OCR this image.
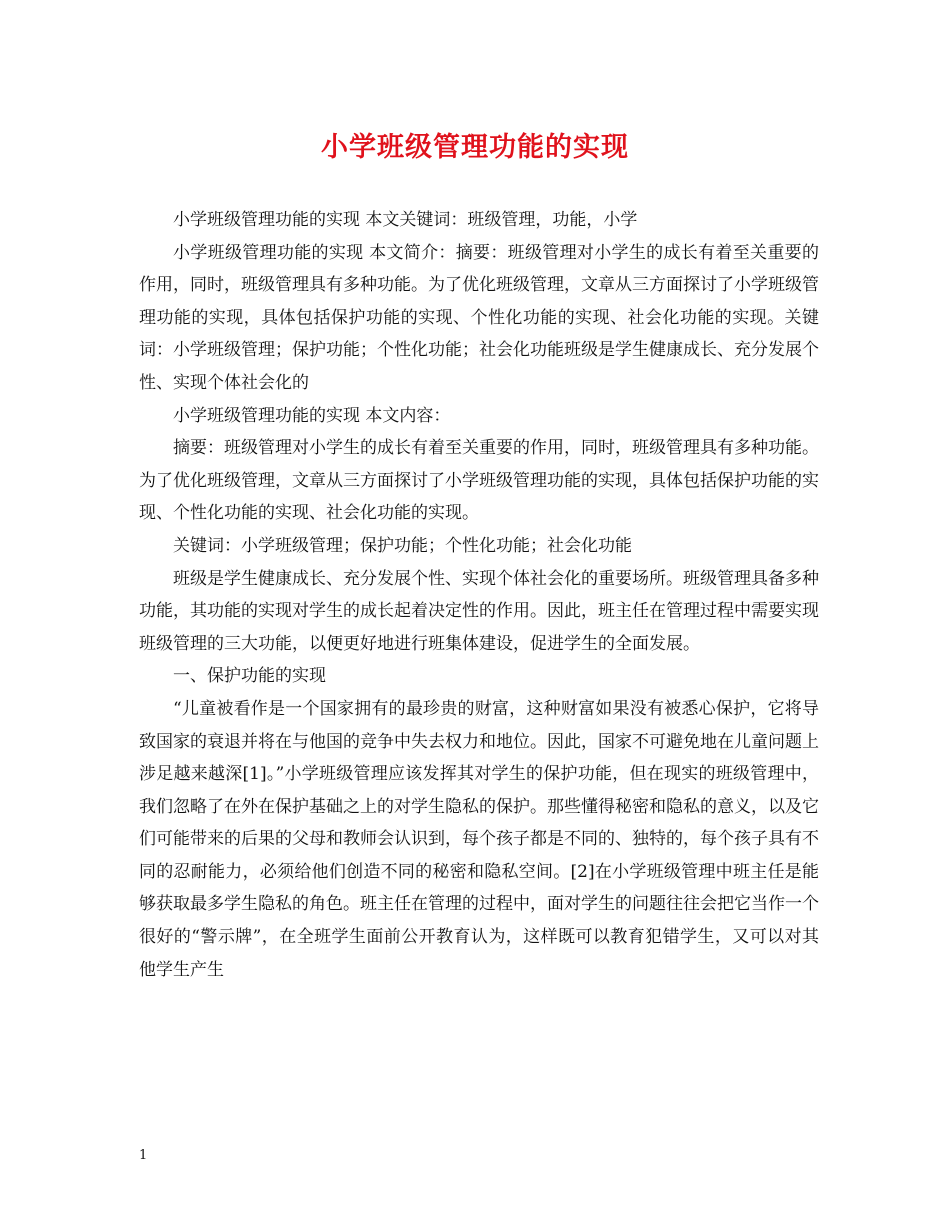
小学班级管理功能的实现

小学班级管理功能的实现 本文关键词：班级管理，功能，小学

小学班级管理功能的实现 本文简介：摘要：班级管理对小学生的成长有着至关重要的作用，同时，班级管理具有多种功能。为了优化班级管理，文章从三方面探讨了小学班级管理功能的实现，具体包括保护功能的实现、个性化功能的实现、社会化功能的实现。关键词：小学班级管理；保护功能；个性化功能；社会化功能班级是学生健康成长、充分发展个性、实现个体社会化的

小学班级管理功能的实现 本文内容：

摘要：班级管理对小学生的成长有着至关重要的作用，同时，班级管理具有多种功能。为了优化班级管理，文章从三方面探讨了小学班级管理功能的实现，具体包括保护功能的实现、个性化功能的实现、社会化功能的实现。

关键词：小学班级管理；保护功能；个性化功能；社会化功能

班级是学生健康成长、充分发展个性、实现个体社会化的重要场所。班级管理具备多种功能，其功能的实现对学生的成长起着决定性的作用。因此，班主任在管理过程中需要实现班级管理的三大功能，以便更好地进行班集体建设，促进学生的全面发展。

一、保护功能的实现

“儿童被看作是一个国家拥有的最珍贵的财富，这种财富如果没有被悉心保护，它将导致国家的衰退并将在与他国的竞争中失去权力和地位。因此，国家不可避免地在儿童问题上涉足越来越深[1]。”小学班级管理应该发挥其对学生的保护功能，但在现实的班级管理中，我们忽略了在外在保护基础之上的对学生隐私的保护。那些懂得秘密和隐私的意义，以及它们可能带来的后果的父母和教师会认识到，每个孩子都是不同的、独特的，每个孩子具有不同的忍耐能力，必须给他们创造不同的秘密和隐私空间。[2]在小学班级管理中班主任是能够获取最多学生隐私的角色。班主任在管理的过程中，面对学生的问题往往会把它当作一个很好的“警示牌”，在全班学生面前公开教育认为，这样既可以教育犯错学生，又可以对其他学生产生

1
